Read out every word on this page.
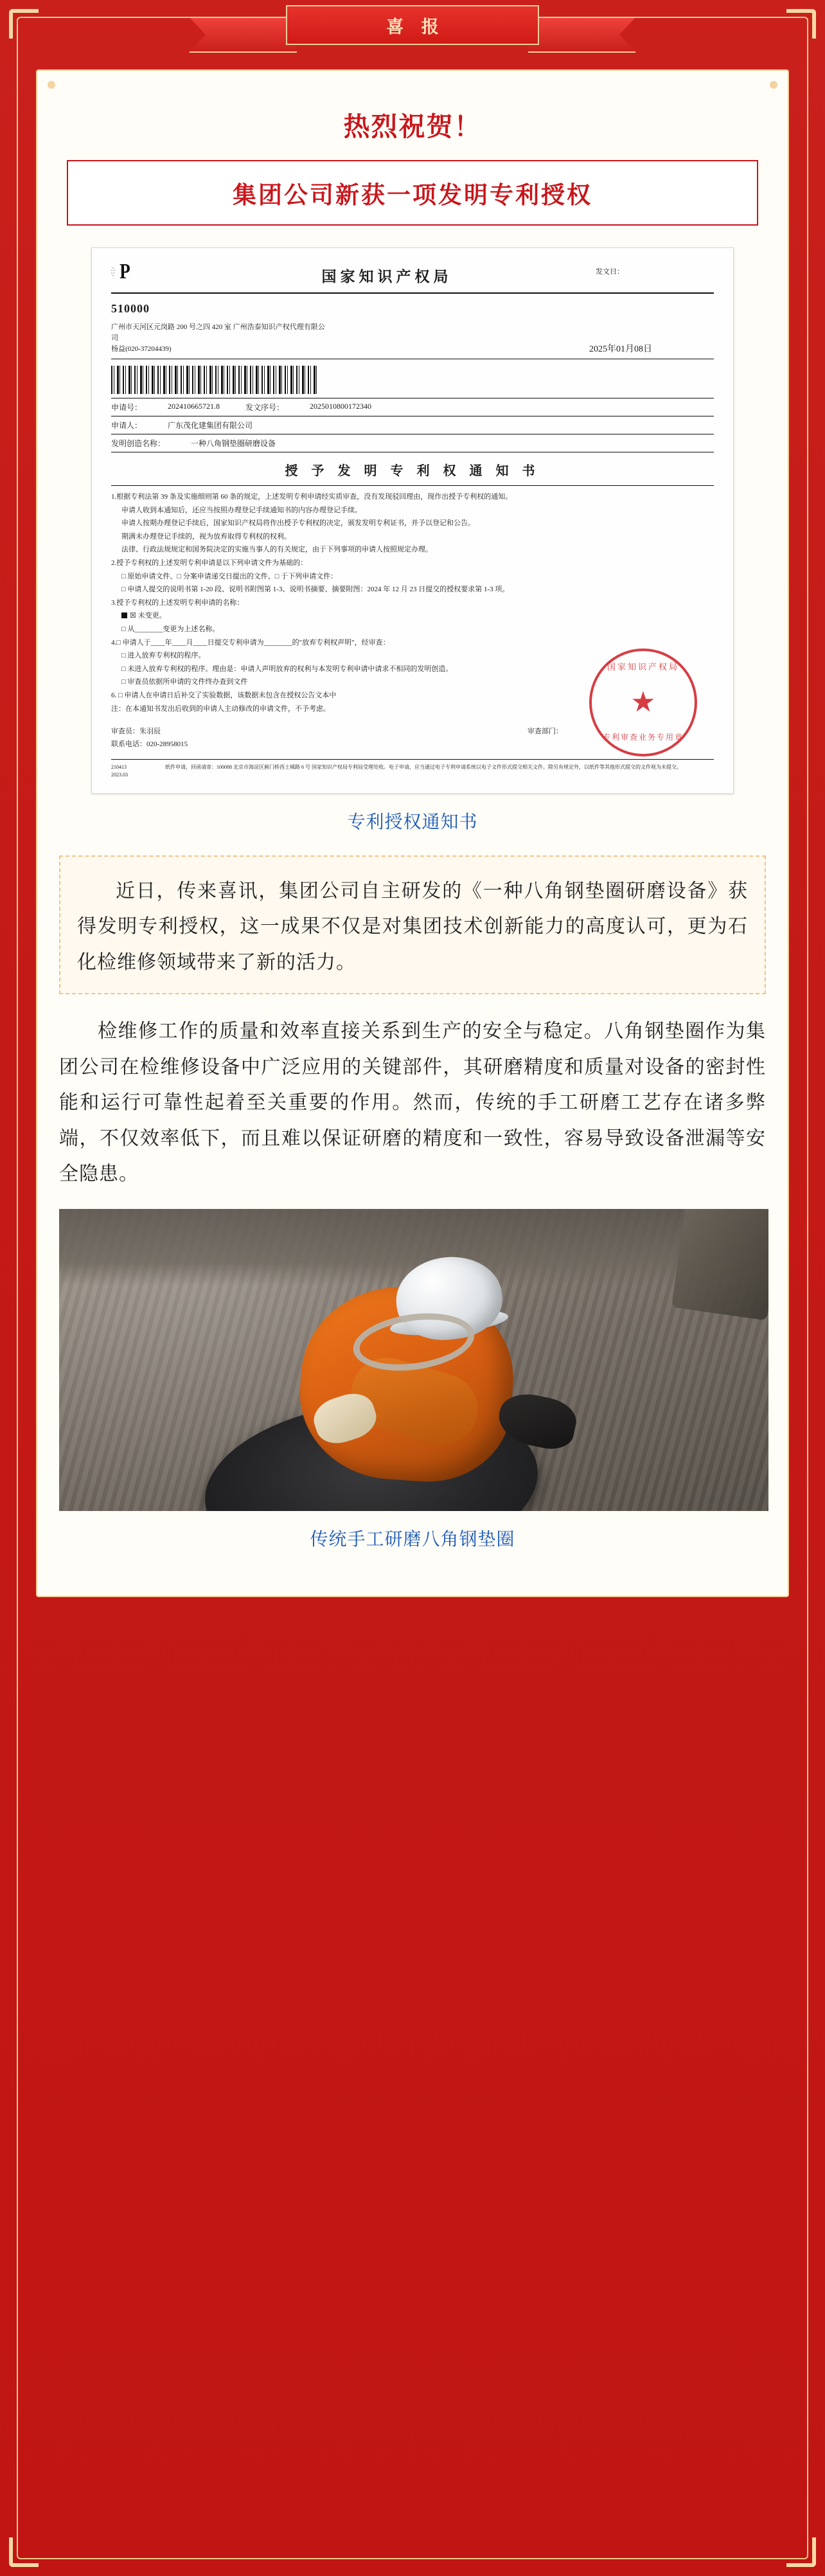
喜 报
热烈祝贺！
集团公司新获一项发明专利授权
∴
∵ P	国家知识产权局	发文日：
510000
广州市天河区元岗路 200 号之四 420 室 广州浩泰知识产权代理有限公
司
杨益(020-37204439)	2025年01月08日
申请号：	202410665721.8	发文序号：	2025010800172340
申请人：	广东茂化建集团有限公司
发明创造名称：	一种八角钢垫圈研磨设备
授 予 发 明 专 利 权 通 知 书

1.根据专利法第 39 条及实施细则第 60 条的规定，上述发明专利申请经实质审查，没有发现驳回理由，现作出授予专利权的通知。

申请人收到本通知后，还应当按照办理登记手续通知书的内容办理登记手续。

申请人按期办理登记手续后，国家知识产权局将作出授予专利权的决定，颁发发明专利证书，并予以登记和公告。

期满未办理登记手续的，视为放弃取得专利权的权利。

法律、行政法规规定和国务院决定的实施当事人的有关规定，由于下列事项的申请人按照规定办理。

2.授予专利权的上述发明专利申请是以下列申请文件为基础的：

□ 原始申请文件、□ 分案申请递交日提出的文件、□ 于下列申请文件：

□ 申请人提交的说明书第 1-20 段、说明书附图第 1-3、说明书摘要、摘要附图：2024 年 12 月 23 日提交的授权要求第 1-3 项。

3.授予专利权的上述发明专利申请的名称：

☒ 未变更。

□ 从________变更为上述名称。

4.□ 申请人于____年____月____日提交专利申请为________的"放弃专利权声明"，经审查：

□ 进入放弃专利权的程序。

□ 未进入放弃专利权的程序。理由是：申请人声明放弃的权利与本发明专利申请中请求不相同的发明创造。

□ 审查员依据所申请的文件终办查到文件

6. □ 申请人在申请日后补交了实验数据，该数据未包含在授权公告文本中

注：在本通知书发出后收到的申请人主动修改的申请文件，不予考虑。

审查员：朱羽辰
联系电话：020-28958015
审查部门：
国家知识产权局
★
专利审查业务专用章
210413
2023.03
纸件申请，回函请寄：100088 北京市海淀区蓟门桥西土城路 6 号 国家知识产权局专利局受理处收。电子申请，应当通过电子专利申请系统以电子文件形式提交相关文件。除另有规定外，以纸件等其他形式提交的文件视为未提交。
专利授权通知书

近日，传来喜讯，集团公司自主研发的《一种八角钢垫圈研磨设备》获得发明专利授权，这一成果不仅是对集团技术创新能力的高度认可，更为石化检维修领域带来了新的活力。

检维修工作的质量和效率直接关系到生产的安全与稳定。八角钢垫圈作为集团公司在检维修设备中广泛应用的关键部件，其研磨精度和质量对设备的密封性能和运行可靠性起着至关重要的作用。然而，传统的手工研磨工艺存在诸多弊端，不仅效率低下，而且难以保证研磨的精度和一致性，容易导致设备泄漏等安全隐患。

传统手工研磨八角钢垫圈
